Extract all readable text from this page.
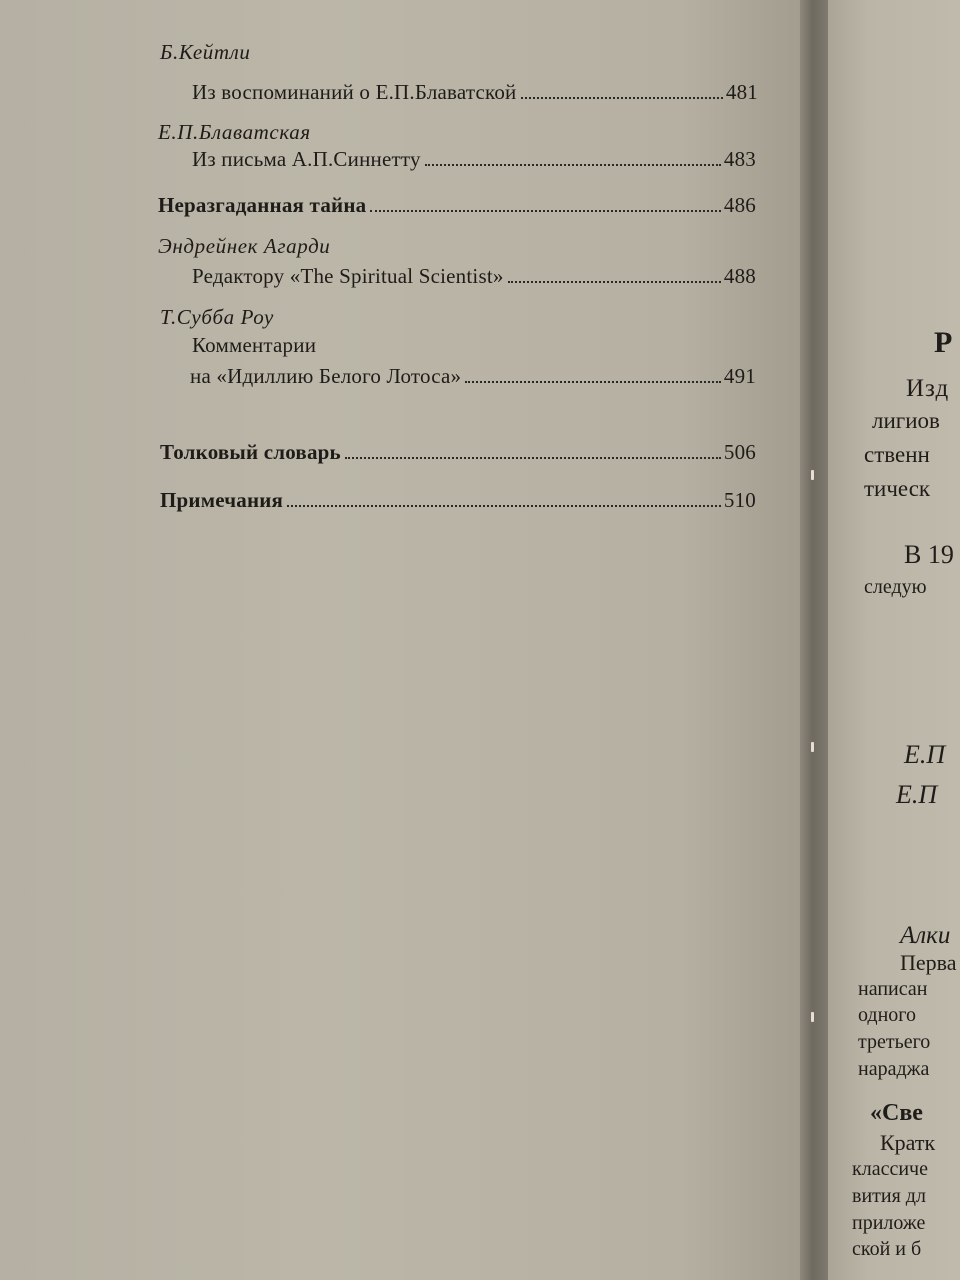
Б.Кейтли
Из воспоминаний о Е.П.Блаватской	481
Е.П.Блаватская
Из письма А.П.Синнетту	483
Неразгаданная тайна	486
Эндрейнек Агарди
Редактору «The Spiritual Scientist»	488
Т.Субба Роу
Комментарии
на «Идиллию Белого Лотоса»	491
Толковый словарь	506
Примечания	510
Р
Изд
лигиов
ственн
тическ
В 19
следую
Е.П
Е.П
Алки
Перва
написан
одного
третьего
нараджа
«Све
Кратк
классиче
вития дл
приложе
ской и б
